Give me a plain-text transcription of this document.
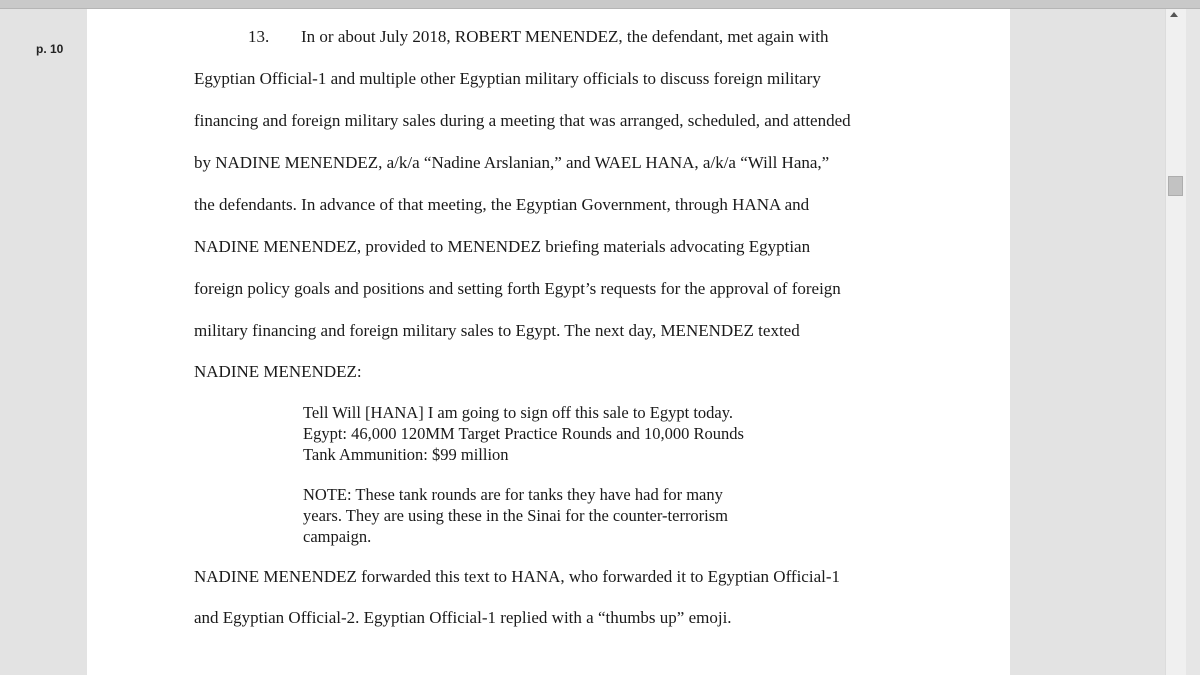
p. 10
13. In or about July 2018, ROBERT MENENDEZ, the defendant, met again with
Egyptian Official-1 and multiple other Egyptian military officials to discuss foreign military
financing and foreign military sales during a meeting that was arranged, scheduled, and attended
by NADINE MENENDEZ, a/k/a “Nadine Arslanian,” and WAEL HANA, a/k/a “Will Hana,”
the defendants. In advance of that meeting, the Egyptian Government, through HANA and
NADINE MENENDEZ, provided to MENENDEZ briefing materials advocating Egyptian
foreign policy goals and positions and setting forth Egypt’s requests for the approval of foreign
military financing and foreign military sales to Egypt. The next day, MENENDEZ texted
NADINE MENENDEZ:
Tell Will [HANA] I am going to sign off this sale to Egypt today.
Egypt: 46,000 120MM Target Practice Rounds and 10,000 Rounds
Tank Ammunition: $99 million
NOTE: These tank rounds are for tanks they have had for many
years. They are using these in the Sinai for the counter-terrorism
campaign.
NADINE MENENDEZ forwarded this text to HANA, who forwarded it to Egyptian Official-1
and Egyptian Official-2. Egyptian Official-1 replied with a “thumbs up” emoji.
